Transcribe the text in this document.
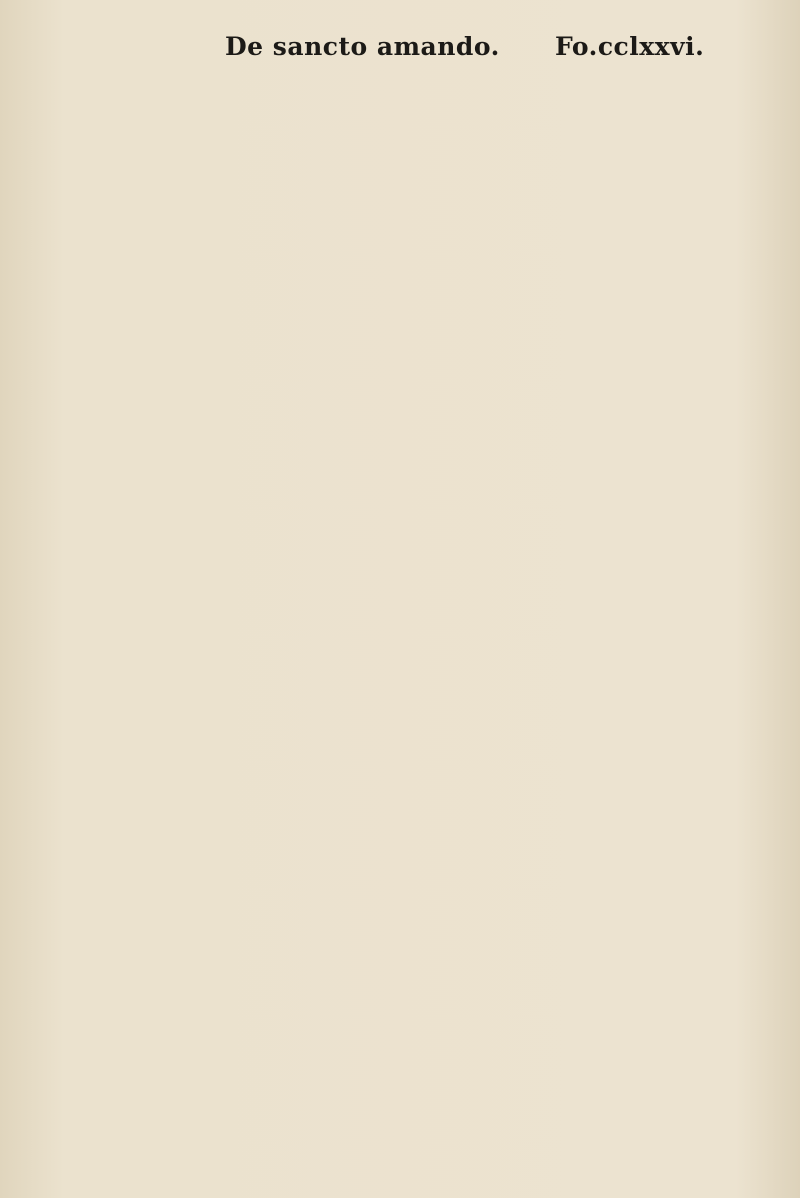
De sancto amando. Fo.cclxxvi.
